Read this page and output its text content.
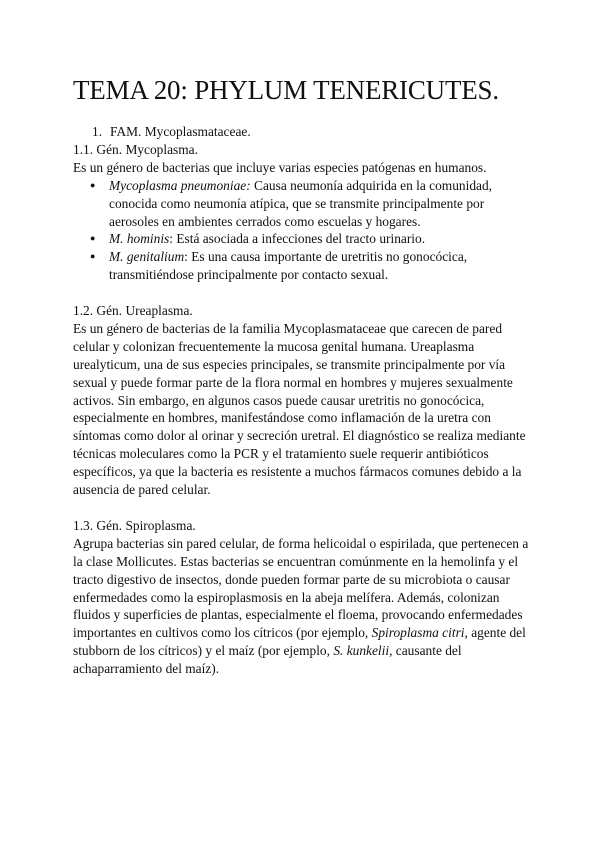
TEMA 20: PHYLUM TENERICUTES.

1. FAM. Mycoplasmataceae.

1.1. Gén. Mycoplasma.

Es un género de bacterias que incluye varias especies patógenas en humanos.

● Mycoplasma pneumoniae: Causa neumonía adquirida en la comunidad, conocida como neumonía atípica, que se transmite principalmente por aerosoles en ambientes cerrados como escuelas y hogares.
● M. hominis: Está asociada a infecciones del tracto urinario.
● M. genitalium: Es una causa importante de uretritis no gonocócica, transmitiéndose principalmente por contacto sexual.

1.2. Gén. Ureaplasma.

Es un género de bacterias de la familia Mycoplasmataceae que carecen de pared celular y colonizan frecuentemente la mucosa genital humana. Ureaplasma urealyticum, una de sus especies principales, se transmite principalmente por vía sexual y puede formar parte de la flora normal en hombres y mujeres sexualmente activos. Sin embargo, en algunos casos puede causar uretritis no gonocócica, especialmente en hombres, manifestándose como inflamación de la uretra con síntomas como dolor al orinar y secreción uretral. El diagnóstico se realiza mediante técnicas moleculares como la PCR y el tratamiento suele requerir antibióticos específicos, ya que la bacteria es resistente a muchos fármacos comunes debido a la ausencia de pared celular.

1.3. Gén. Spiroplasma.

Agrupa bacterias sin pared celular, de forma helicoidal o espirilada, que pertenecen a la clase Mollicutes. Estas bacterias se encuentran comúnmente en la hemolinfa y el tracto digestivo de insectos, donde pueden formar parte de su microbiota o causar enfermedades como la espiroplasmosis en la abeja melífera. Además, colonizan fluidos y superficies de plantas, especialmente el floema, provocando enfermedades importantes en cultivos como los cítricos (por ejemplo, Spiroplasma citri, agente del stubborn de los cítricos) y el maíz (por ejemplo, S. kunkelii, causante del achaparramiento del maíz).
